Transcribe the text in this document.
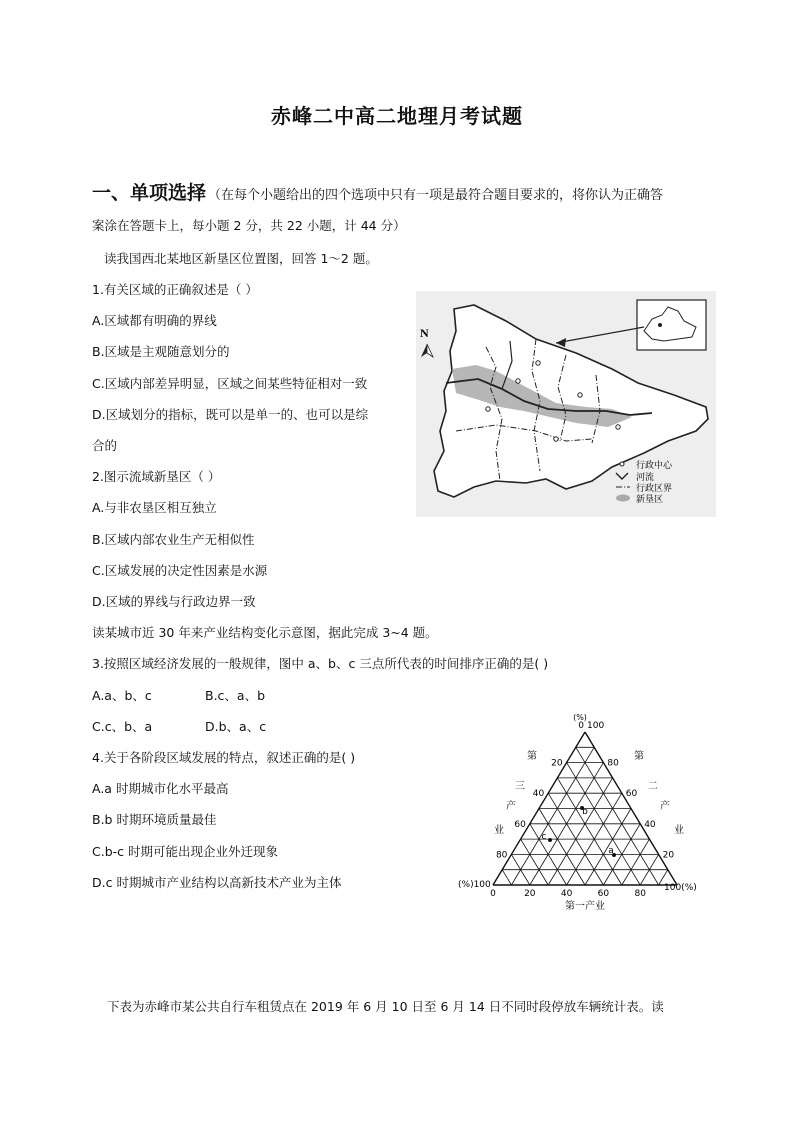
赤峰二中高二地理月考试题
一、单项选择 （在每个小题给出的四个选项中只有一项是最符合题目要求的，将你认为正确答
案涂在答题卡上，每小题 2 分，共 22 小题，计 44 分）
读我国西北某地区新垦区位置图，回答 1～2 题。
1.有关区域的正确叙述是（ ）
A.区域都有明确的界线
B.区域是主观随意划分的
C.区域内部差异明显，区域之间某些特征相对一致
D.区域划分的指标，既可以是单一的、也可以是综
合的
2.图示流域新垦区（ ）
A.与非农垦区相互独立
B.区域内部农业生产无相似性
C.区域发展的决定性因素是水源
D.区域的界线与行政边界一致
读某城市近 30 年来产业结构变化示意图，据此完成 3~4 题。
3.按照区域经济发展的一般规律，图中 a、b、c 三点所代表的时间排序正确的是( )
A.a、b、c	B.c、a、b
C.c、b、a	D.b、a、c
4.关于各阶段区域发展的特点，叙述正确的是( )
A.a 时期城市化水平最高
B.b 时期环境质量最佳
C.b-c 时期可能出现企业外迁现象
D.c 时期城市产业结构以高新技术产业为主体
N
行政中心
河流
行政区界
新垦区
20
40
60
80
80
60
40
20
0	20	40	60	80
a
b
c
(%)
0 100
(%)100	100(%)
第
三
产
业
第
二
产
业
第一产业
下表为赤峰市某公共自行车租赁点在 2019 年 6 月 10 日至 6 月 14 日不同时段停放车辆统计表。读
